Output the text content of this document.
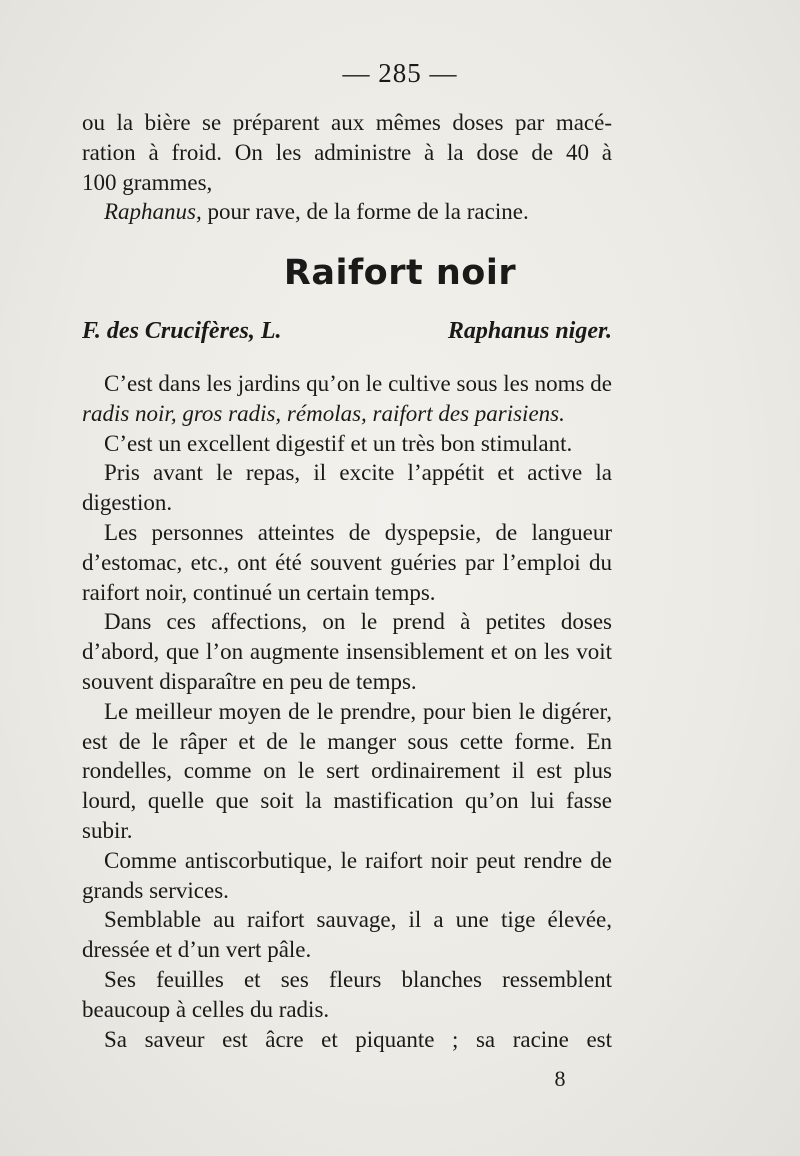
— 285 —

ou la bière se préparent aux mêmes doses par macé-

ration à froid. On les administre à la dose de 40 à

100 grammes,

Raphanus, pour rave, de la forme de la racine.

Raifort noir
F. des Crucifères, L.	Raphanus niger.

C’est dans les jardins qu’on le cultive sous les noms de radis noir, gros radis, rémolas, raifort des parisiens.

C’est un excellent digestif et un très bon stimulant.

Pris avant le repas, il excite l’appétit et active la digestion.

Les personnes atteintes de dyspepsie, de langueur d’estomac, etc., ont été souvent guéries par l’emploi du raifort noir, continué un certain temps.

Dans ces affections, on le prend à petites doses d’abord, que l’on augmente insensiblement et on les voit souvent disparaître en peu de temps.

Le meilleur moyen de le prendre, pour bien le digérer, est de le râper et de le manger sous cette forme. En rondelles, comme on le sert ordinairement il est plus lourd, quelle que soit la mastification qu’on lui fasse subir.

Comme antiscorbutique, le raifort noir peut rendre de grands services.

Semblable au raifort sauvage, il a une tige élevée, dressée et d’un vert pâle.

Ses feuilles et ses fleurs blanches ressemblent beaucoup à celles du radis.

Sa saveur est âcre et piquante ; sa racine est

8
